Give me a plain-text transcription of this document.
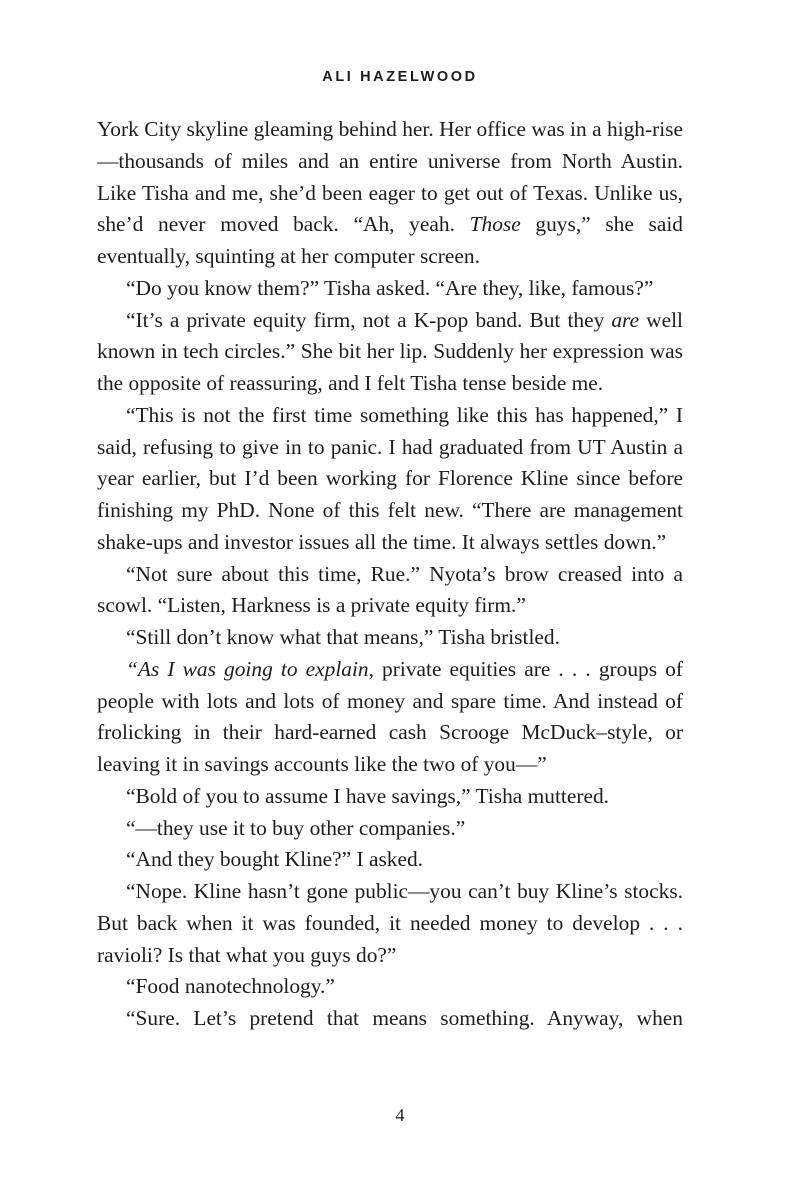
ALI HAZELWOOD

York City skyline gleaming behind her. Her office was in a high-rise—thousands of miles and an entire universe from North Austin. Like Tisha and me, she’d been eager to get out of Texas. Unlike us, she’d never moved back. “Ah, yeah. Those guys,” she said eventually, squinting at her computer screen.

“Do you know them?” Tisha asked. “Are they, like, famous?”

“It’s a private equity firm, not a K-pop band. But they are well known in tech circles.” She bit her lip. Suddenly her expression was the opposite of reassuring, and I felt Tisha tense beside me.

“This is not the first time something like this has happened,” I said, refusing to give in to panic. I had graduated from UT Austin a year earlier, but I’d been working for Florence Kline since before finishing my PhD. None of this felt new. “There are management shake-ups and investor issues all the time. It always settles down.”

“Not sure about this time, Rue.” Nyota’s brow creased into a scowl. “Listen, Harkness is a private equity firm.”

“Still don’t know what that means,” Tisha bristled.

“As I was going to explain, private equities are . . . groups of people with lots and lots of money and spare time. And instead of frolicking in their hard-earned cash Scrooge McDuck–style, or leaving it in savings accounts like the two of you—”

“Bold of you to assume I have savings,” Tisha muttered.

“—they use it to buy other companies.”

“And they bought Kline?” I asked.

“Nope. Kline hasn’t gone public—you can’t buy Kline’s stocks. But back when it was founded, it needed money to develop . . . ravioli? Is that what you guys do?”

“Food nanotechnology.”

“Sure. Let’s pretend that means something. Anyway, when

4
